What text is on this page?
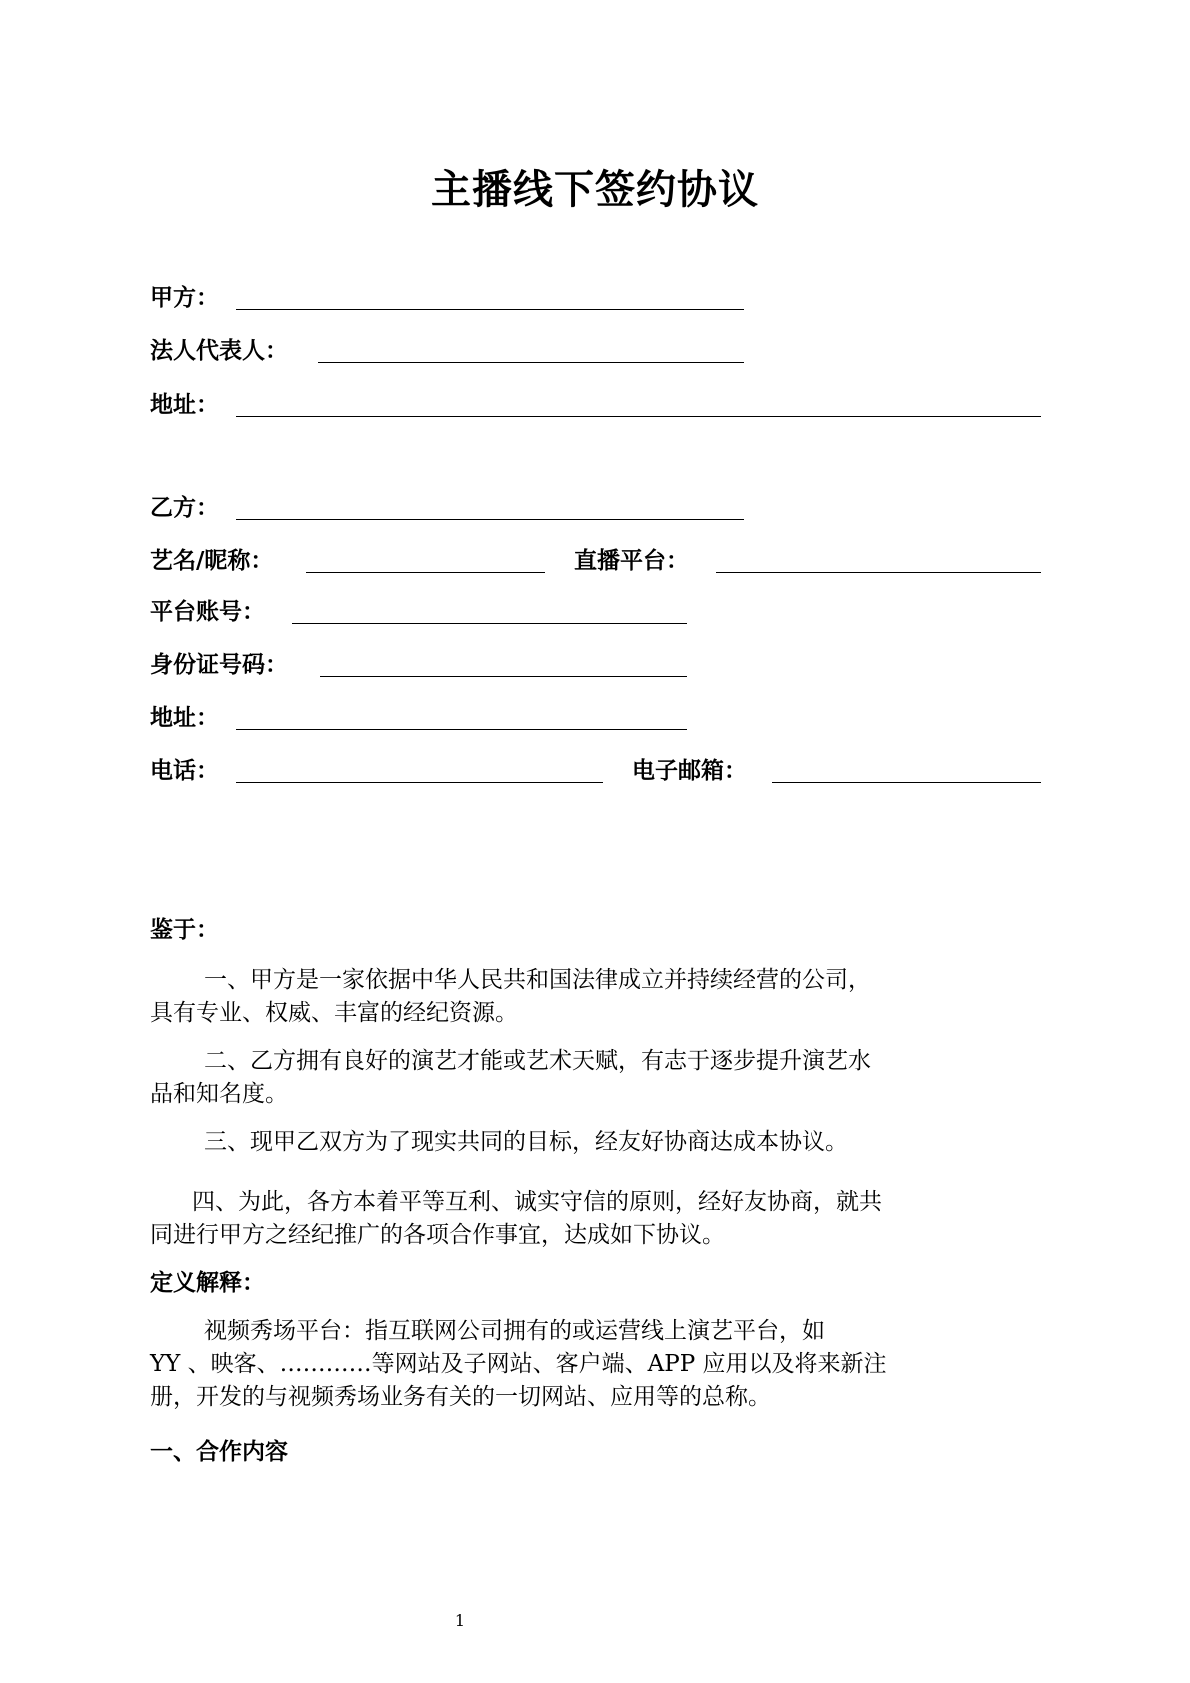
主播线下签约协议
甲方：
法人代表人：
地址：
乙方：
艺名/昵称：	直播平台：
平台账号：
身份证号码：
地址：
电话：	电子邮箱：
鉴于：
一、甲方是一家依据中华人民共和国法律成立并持续经营的公司，
具有专业、权威、丰富的经纪资源。
二、乙方拥有良好的演艺才能或艺术天赋，有志于逐步提升演艺水
品和知名度。
三、现甲乙双方为了现实共同的目标，经友好协商达成本协议。
四、为此，各方本着平等互利、诚实守信的原则，经好友协商，就共
同进行甲方之经纪推广的各项合作事宜，达成如下协议。
定义解释：
视频秀场平台：指互联网公司拥有的或运营线上演艺平台，如
YY 、映客、…………等网站及子网站、客户端、APP 应用以及将来新注
册，开发的与视频秀场业务有关的一切网站、应用等的总称。
一、合作内容
1
